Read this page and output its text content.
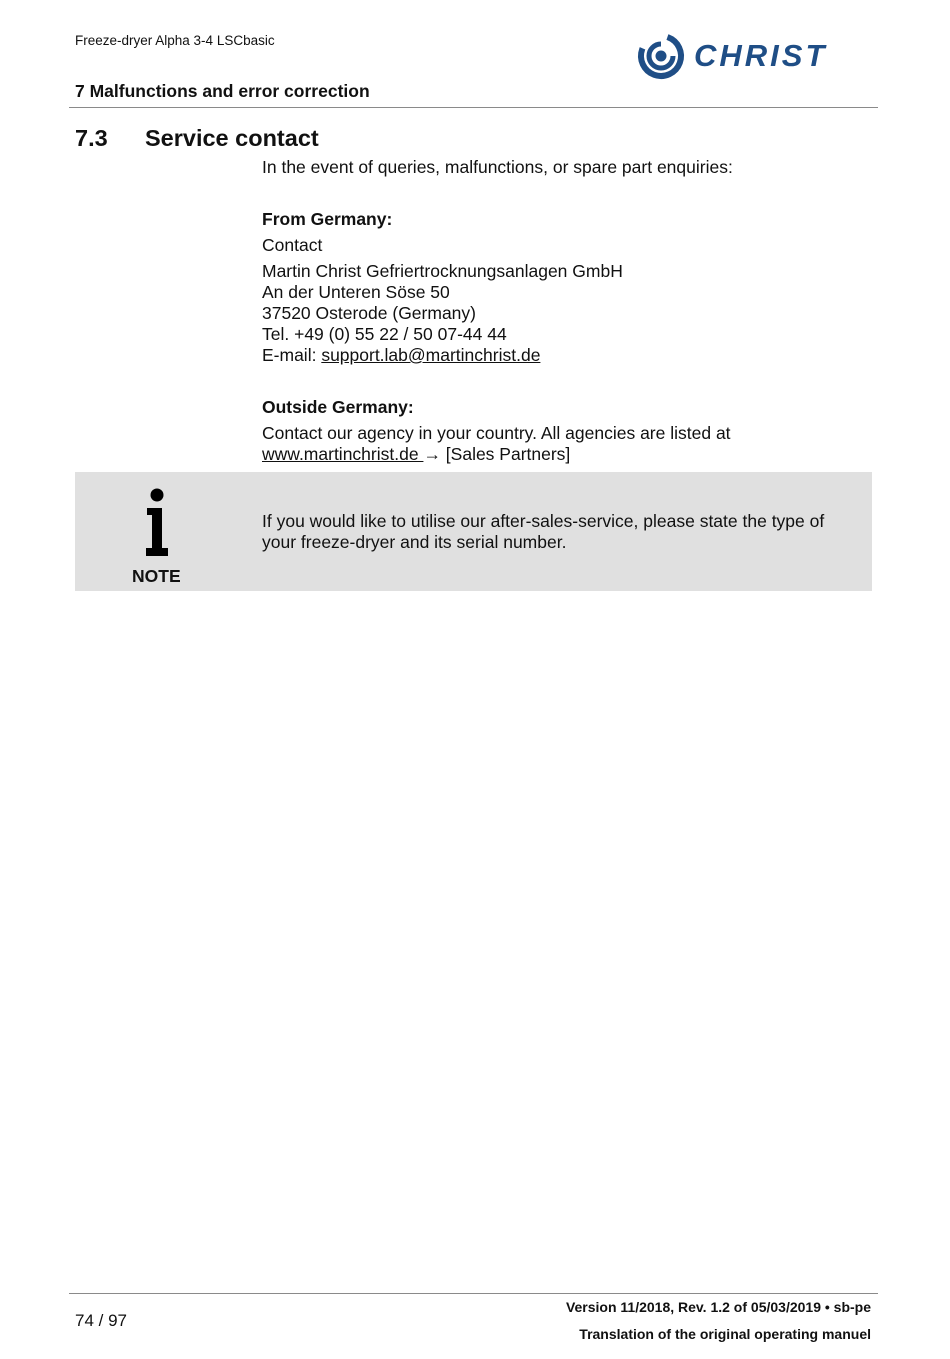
Freeze-dryer Alpha 3-4 LSCbasic	CHRIST
7 Malfunctions and error correction
7.3 Service contact
In the event of queries, malfunctions, or spare part enquiries:
From Germany:
Contact
Martin Christ Gefriertrocknungsanlagen GmbH
An der Unteren Söse 50
37520 Osterode (Germany)
Tel. +49 (0) 55 22 / 50 07-44 44
E-mail: support.lab@martinchrist.de
Outside Germany:
Contact our agency in your country. All agencies are listed at
www.martinchrist.de → [Sales Partners]
NOTE
If you would like to utilise our after-sales-service, please state the type of your freeze-dryer and its serial number.
74 / 97
Version 11/2018, Rev. 1.2 of 05/03/2019 • sb-pe
Translation of the original operating manuel
